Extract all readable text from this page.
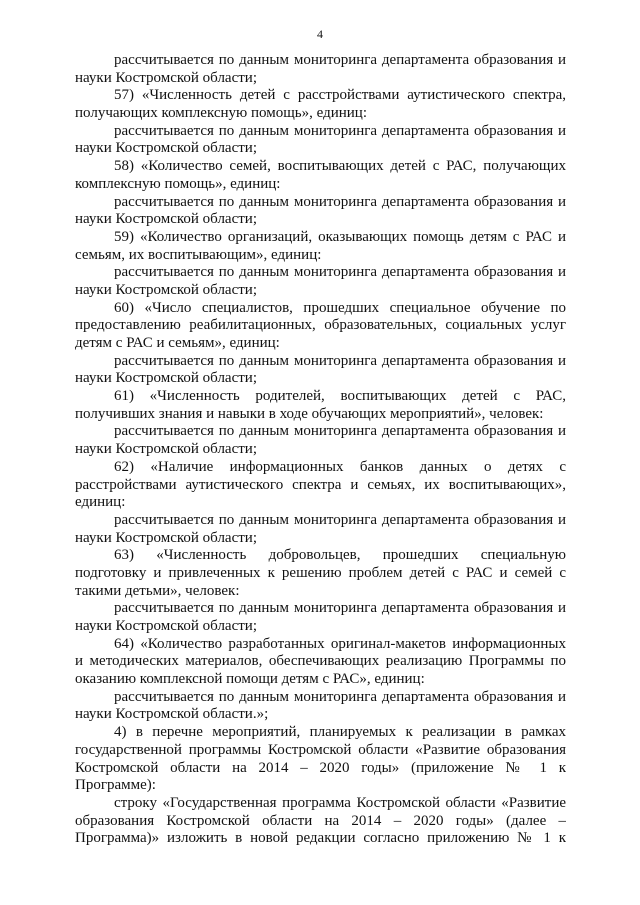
4
рассчитывается по данным мониторинга департамента образования и
науки Костромской области;
57) «Численность детей с расстройствами аутистического спектра,
получающих комплексную помощь», единиц:
рассчитывается по данным мониторинга департамента образования и
науки Костромской области;
58) «Количество семей, воспитывающих детей с РАС, получающих
комплексную помощь», единиц:
рассчитывается по данным мониторинга департамента образования и
науки Костромской области;
59) «Количество организаций, оказывающих помощь детям с РАС и
семьям, их воспитывающим», единиц:
рассчитывается по данным мониторинга департамента образования и
науки Костромской области;
60) «Число специалистов, прошедших специальное обучение по
предоставлению реабилитационных, образовательных, социальных услуг
детям с РАС и семьям», единиц:
рассчитывается по данным мониторинга департамента образования и
науки Костромской области;
61) «Численность родителей, воспитывающих детей с РАС,
получивших знания и навыки в ходе обучающих мероприятий», человек:
рассчитывается по данным мониторинга департамента образования и
науки Костромской области;
62) «Наличие информационных банков данных о детях с
расстройствами аутистического спектра и семьях, их воспитывающих»,
единиц:
рассчитывается по данным мониторинга департамента образования и
науки Костромской области;
63) «Численность добровольцев, прошедших специальную
подготовку и привлеченных к решению проблем детей с РАС и семей с
такими детьми», человек:
рассчитывается по данным мониторинга департамента образования и
науки Костромской области;
64) «Количество разработанных оригинал-макетов информационных
и методических материалов, обеспечивающих реализацию Программы по
оказанию комплексной помощи детям с РАС», единиц:
рассчитывается по данным мониторинга департамента образования и
науки Костромской области.»;
4) в перечне мероприятий, планируемых к реализации в рамках
государственной программы Костромской области «Развитие образования
Костромской области на 2014 – 2020 годы» (приложение № 1 к
Программе):
строку «Государственная программа Костромской области «Развитие
образования Костромской области на 2014 – 2020 годы» (далее –
Программа)» изложить в новой редакции согласно приложению № 1 к
